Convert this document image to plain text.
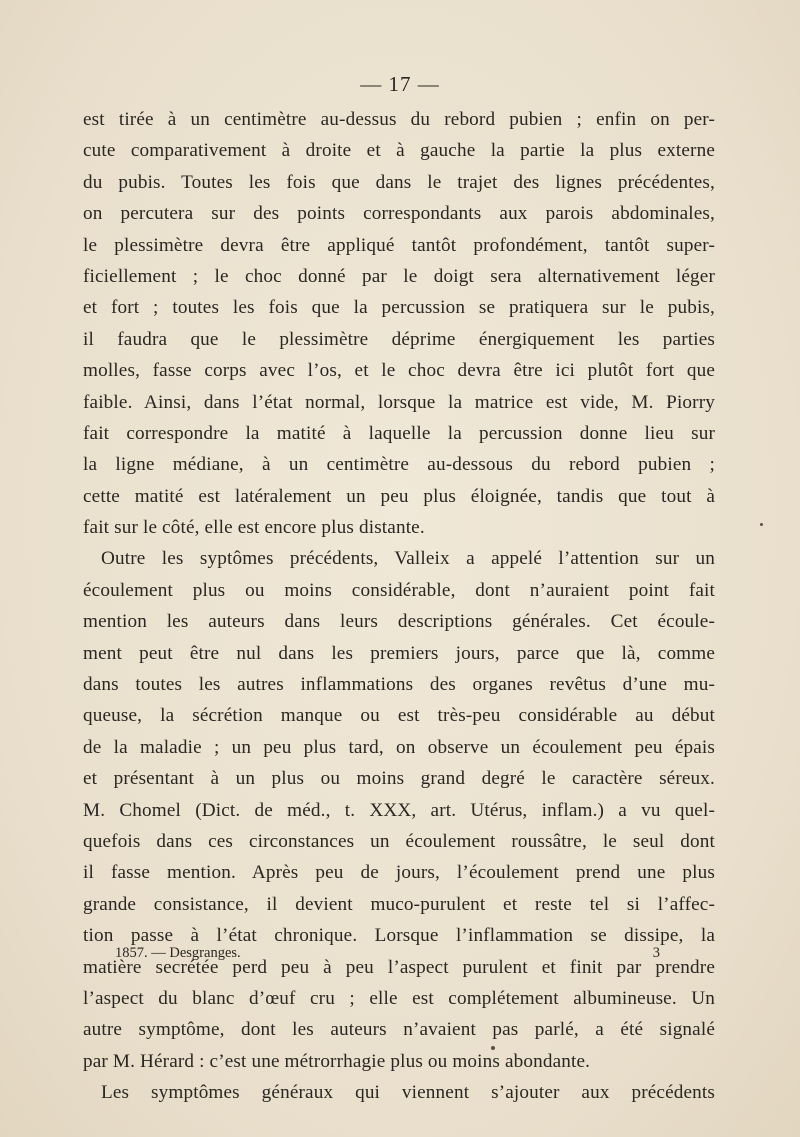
— 17 —
est tirée à un centimètre au-dessus du rebord pubien ; enfin on per-
cute comparativement à droite et à gauche la partie la plus externe
du pubis. Toutes les fois que dans le trajet des lignes précédentes,
on percutera sur des points correspondants aux parois abdominales,
le plessimètre devra être appliqué tantôt profondément, tantôt super-
ficiellement ; le choc donné par le doigt sera alternativement léger
et fort ; toutes les fois que la percussion se pratiquera sur le pubis,
il faudra que le plessimètre déprime énergiquement les parties
molles, fasse corps avec l’os, et le choc devra être ici plutôt fort que
faible. Ainsi, dans l’état normal, lorsque la matrice est vide, M. Piorry
fait correspondre la matité à laquelle la percussion donne lieu sur
la ligne médiane, à un centimètre au-dessous du rebord pubien ;
cette matité est latéralement un peu plus éloignée, tandis que tout à
fait sur le côté, elle est encore plus distante.
Outre les syptômes précédents, Valleix a appelé l’attention sur un
écoulement plus ou moins considérable, dont n’auraient point fait
mention les auteurs dans leurs descriptions générales. Cet écoule-
ment peut être nul dans les premiers jours, parce que là, comme
dans toutes les autres inflammations des organes revêtus d’une mu-
queuse, la sécrétion manque ou est très-peu considérable au début
de la maladie ; un peu plus tard, on observe un écoulement peu épais
et présentant à un plus ou moins grand degré le caractère séreux.
M. Chomel (Dict. de méd., t. XXX, art. Utérus, inflam.) a vu quel-
quefois dans ces circonstances un écoulement roussâtre, le seul dont
il fasse mention. Après peu de jours, l’écoulement prend une plus
grande consistance, il devient muco-purulent et reste tel si l’affec-
tion passe à l’état chronique. Lorsque l’inflammation se dissipe, la
matière secrétée perd peu à peu l’aspect purulent et finit par prendre
l’aspect du blanc d’œuf cru ; elle est complétement albumineuse. Un
autre symptôme, dont les auteurs n’avaient pas parlé, a été signalé
par M. Hérard : c’est une métrorrhagie plus ou moins abondante.
Les symptômes généraux qui viennent s’ajouter aux précédents
1857. — Desgranges.	3
